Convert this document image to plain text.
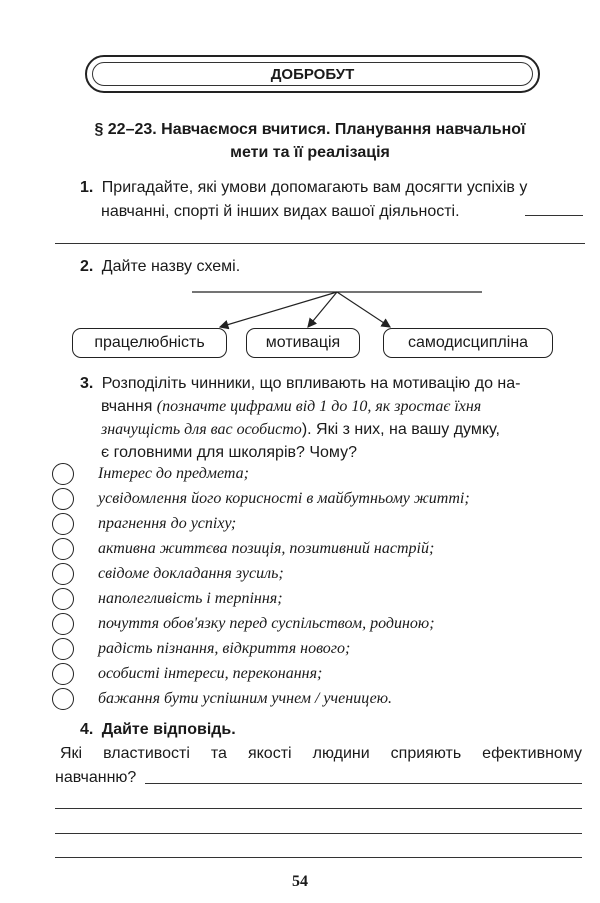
ДОБРОБУТ
§ 22–23. Навчаємося вчитися. Планування навчальної
мети та її реалізація
1. Пригадайте, які умови допомагають вам досягти успіхів у
навчанні, спорті й інших видах вашої діяльності.
2. Дайте назву схемі.
працелюбність	мотивація	самодисципліна
3. Розподіліть чинники, що впливають на мотивацію до на-
вчання (позначте цифрами від 1 до 10, як зростає їхня
значущість для вас особисто). Які з них, на вашу думку,
є головними для школярів? Чому?
Інтерес до предмета;
усвідомлення його корисності в майбутньому житті;
прагнення до успіху;
активна життєва позиція, позитивний настрій;
свідоме докладання зусиль;
наполегливість і терпіння;
почуття обов'язку перед суспільством, родиною;
радість пізнання, відкриття нового;
особисті інтереси, переконання;
бажання бути успішним учнем / ученицею.
4. Дайте відповідь.
Які властивості та якості людини сприяють ефективному
навчанню?
54
